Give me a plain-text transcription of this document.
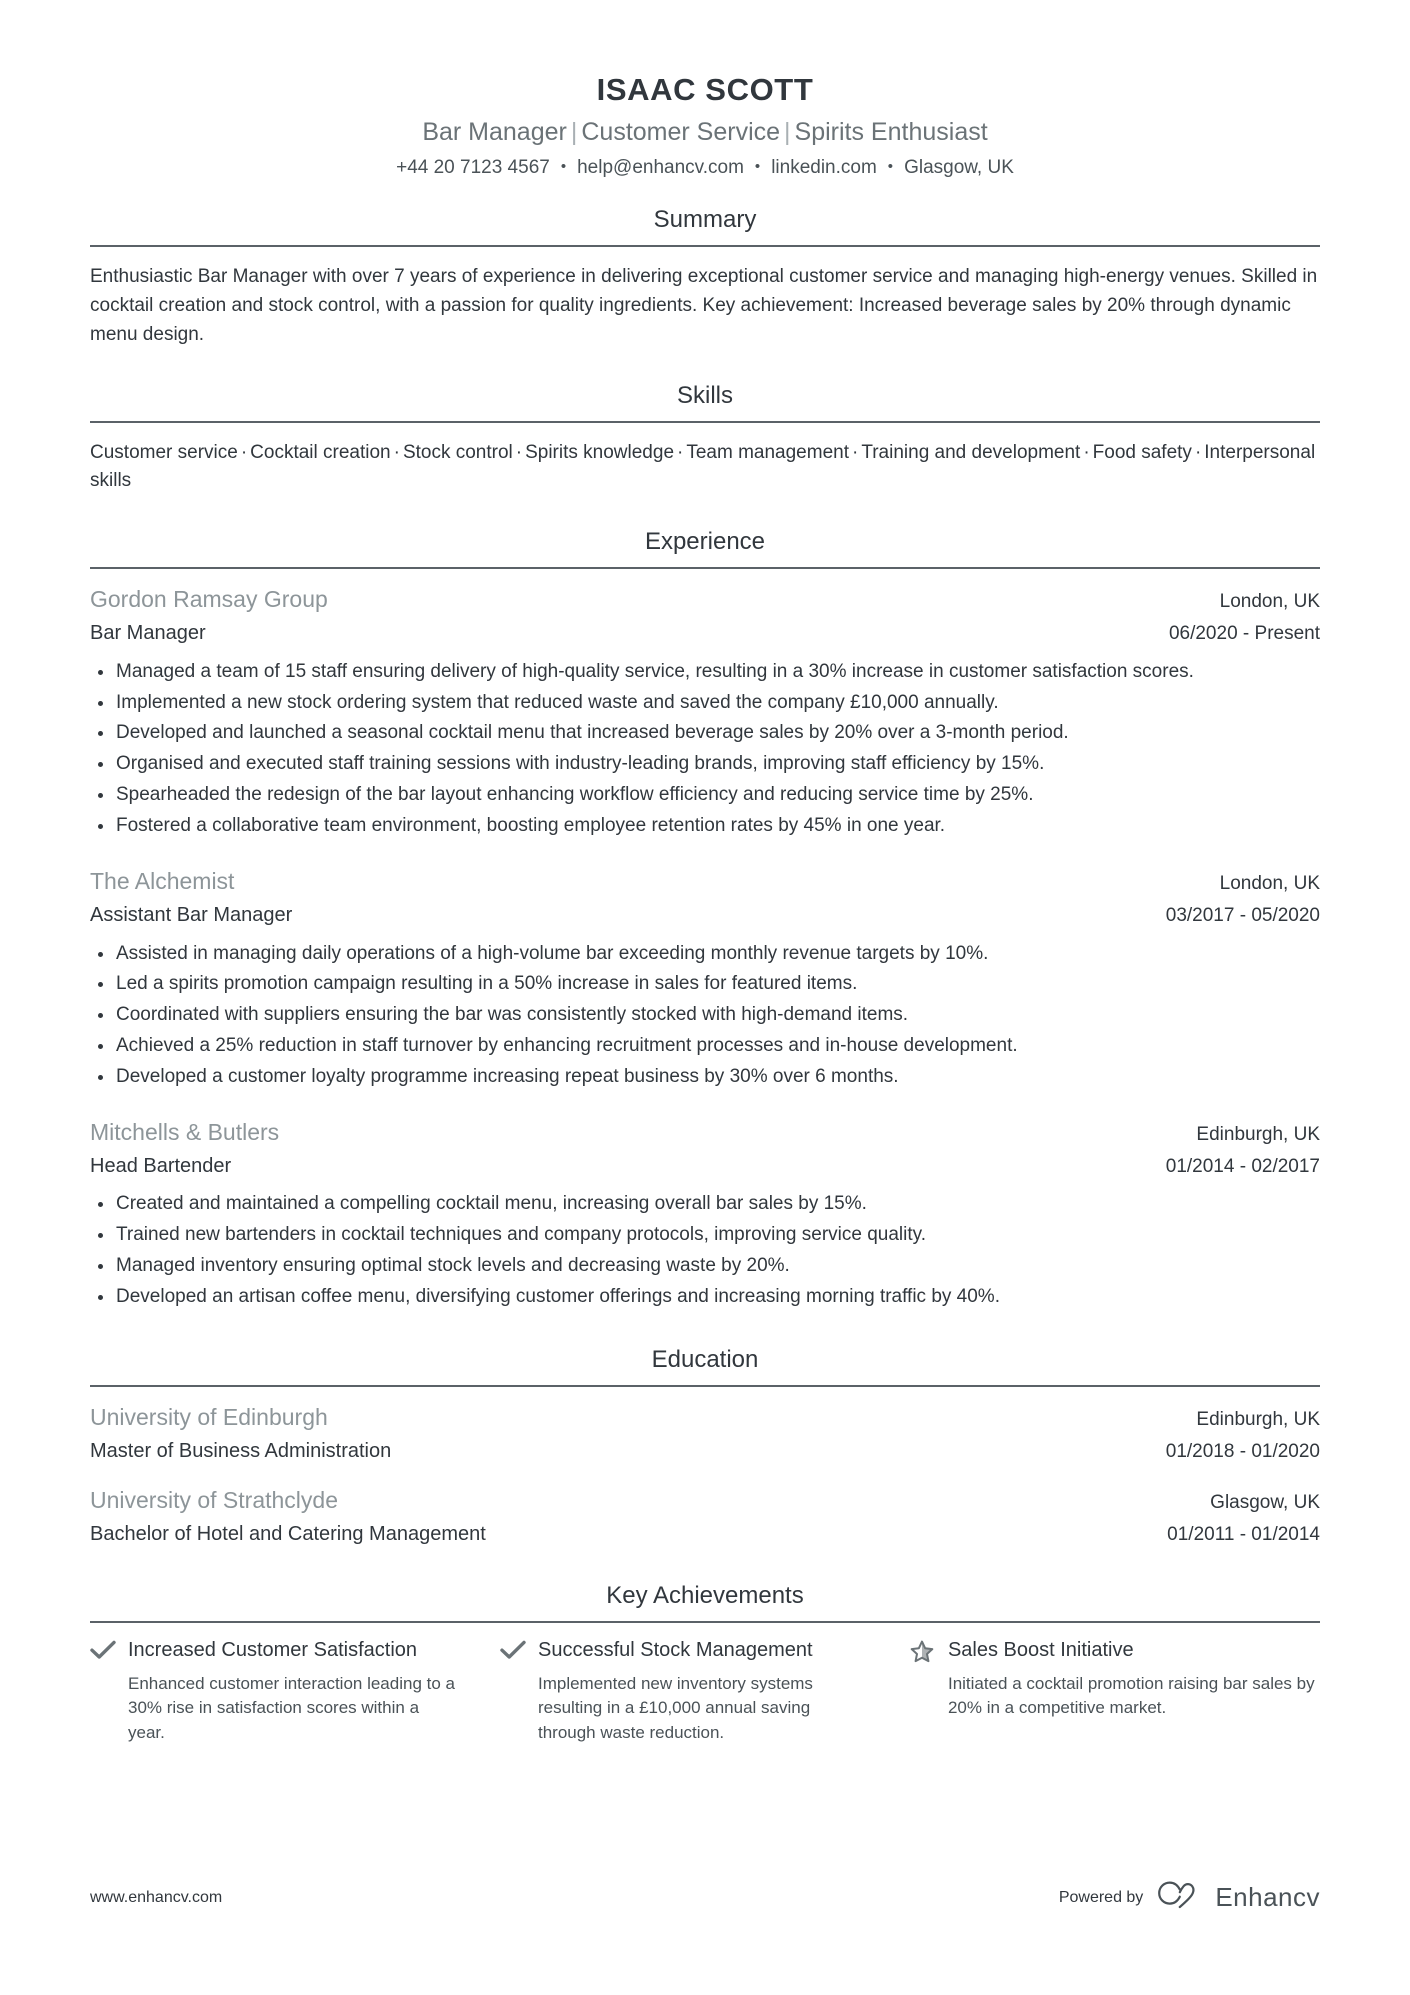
ISAAC SCOTT
Bar Manager | Customer Service | Spirits Enthusiast
+44 20 7123 4567 • help@enhancv.com • linkedin.com • Glasgow, UK
Summary
Enthusiastic Bar Manager with over 7 years of experience in delivering exceptional customer service and managing high-energy venues. Skilled in cocktail creation and stock control, with a passion for quality ingredients. Key achievement: Increased beverage sales by 20% through dynamic menu design.
Skills
Customer service · Cocktail creation · Stock control · Spirits knowledge · Team management · Training and development · Food safety · Interpersonal skills
Experience
Gordon Ramsay Group	London, UK
Bar Manager	06/2020 - Present
Managed a team of 15 staff ensuring delivery of high-quality service, resulting in a 30% increase in customer satisfaction scores.
Implemented a new stock ordering system that reduced waste and saved the company £10,000 annually.
Developed and launched a seasonal cocktail menu that increased beverage sales by 20% over a 3-month period.
Organised and executed staff training sessions with industry-leading brands, improving staff efficiency by 15%.
Spearheaded the redesign of the bar layout enhancing workflow efficiency and reducing service time by 25%.
Fostered a collaborative team environment, boosting employee retention rates by 45% in one year.
The Alchemist	London, UK
Assistant Bar Manager	03/2017 - 05/2020
Assisted in managing daily operations of a high-volume bar exceeding monthly revenue targets by 10%.
Led a spirits promotion campaign resulting in a 50% increase in sales for featured items.
Coordinated with suppliers ensuring the bar was consistently stocked with high-demand items.
Achieved a 25% reduction in staff turnover by enhancing recruitment processes and in-house development.
Developed a customer loyalty programme increasing repeat business by 30% over 6 months.
Mitchells & Butlers	Edinburgh, UK
Head Bartender	01/2014 - 02/2017
Created and maintained a compelling cocktail menu, increasing overall bar sales by 15%.
Trained new bartenders in cocktail techniques and company protocols, improving service quality.
Managed inventory ensuring optimal stock levels and decreasing waste by 20%.
Developed an artisan coffee menu, diversifying customer offerings and increasing morning traffic by 40%.
Education
University of Edinburgh	Edinburgh, UK
Master of Business Administration	01/2018 - 01/2020
University of Strathclyde	Glasgow, UK
Bachelor of Hotel and Catering Management	01/2011 - 01/2014
Key Achievements
Increased Customer Satisfaction
Enhanced customer interaction leading to a 30% rise in satisfaction scores within a year.
Successful Stock Management
Implemented new inventory systems resulting in a £10,000 annual saving through waste reduction.
Sales Boost Initiative
Initiated a cocktail promotion raising bar sales by 20% in a competitive market.
www.enhancv.com	Powered by	Enhancv
